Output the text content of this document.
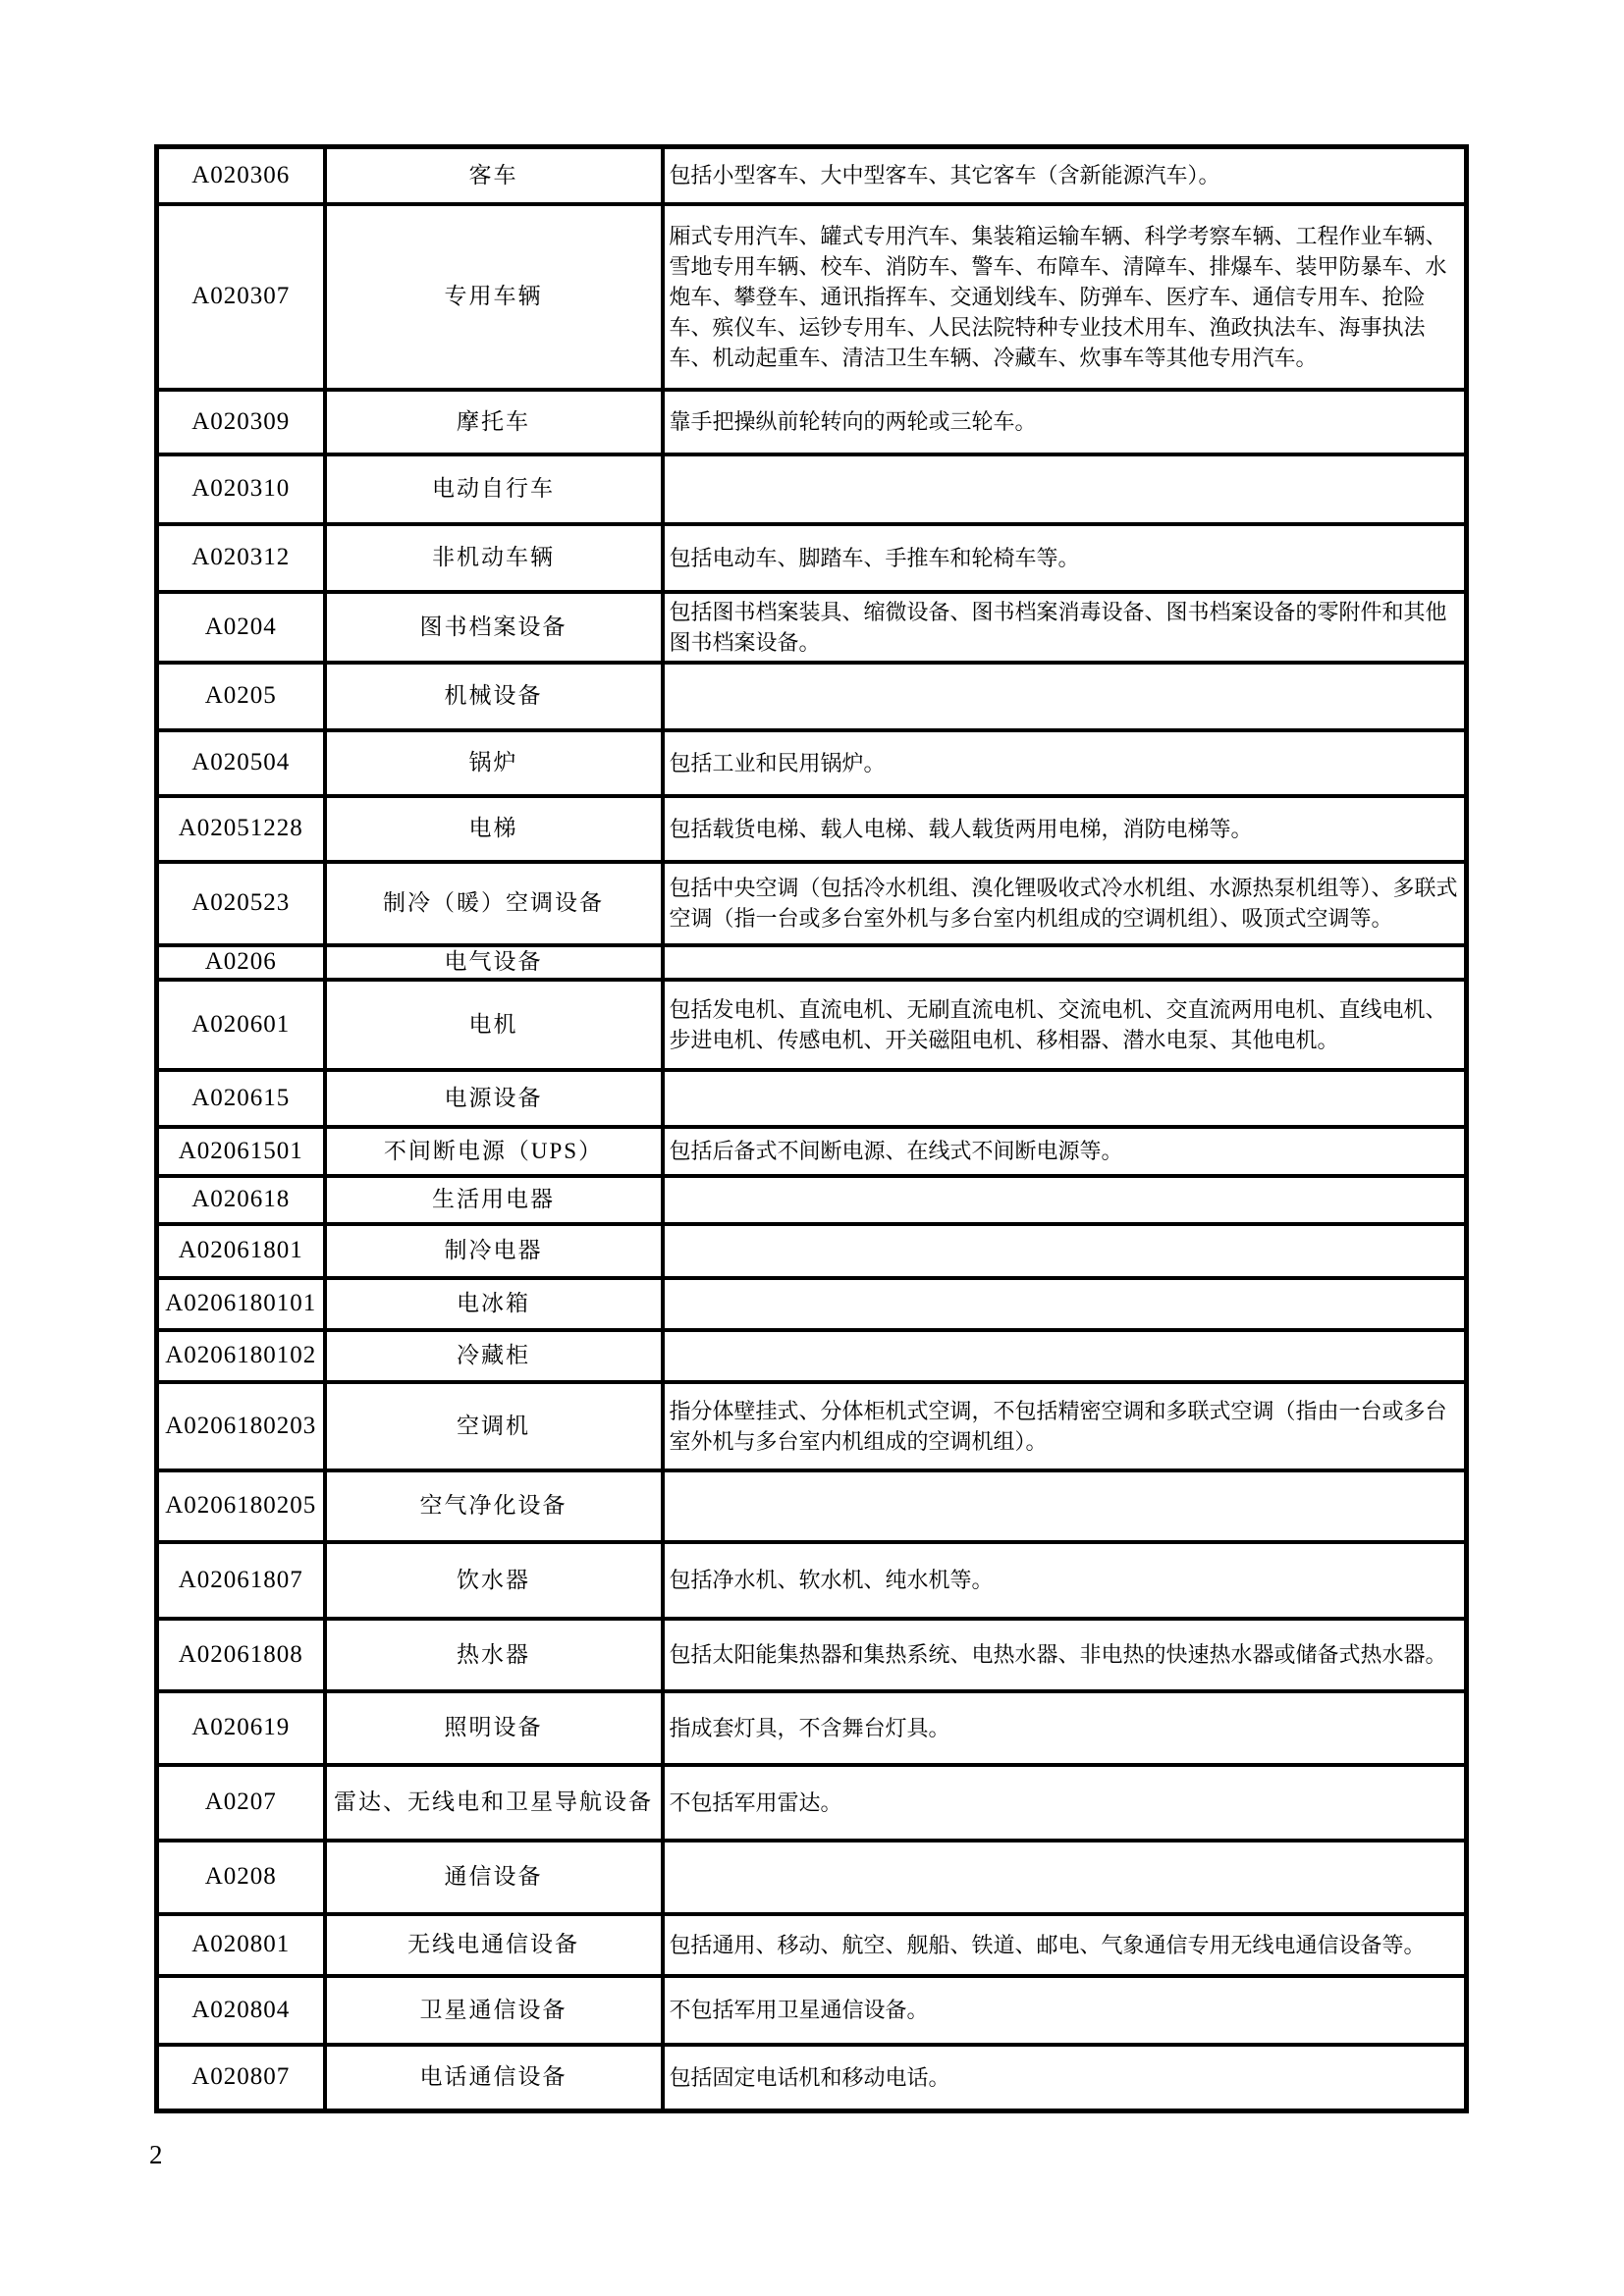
A020306	客车	包括小型客车、大中型客车、其它客车（含新能源汽车）。
A020307	专用车辆	厢式专用汽车、罐式专用汽车、集装箱运输车辆、科学考察车辆、工程作业车辆、雪地专用车辆、校车、消防车、警车、布障车、清障车、排爆车、装甲防暴车、水炮车、攀登车、通讯指挥车、交通划线车、防弹车、医疗车、通信专用车、抢险车、殡仪车、运钞专用车、人民法院特种专业技术用车、渔政执法车、海事执法车、机动起重车、清洁卫生车辆、冷藏车、炊事车等其他专用汽车。
A020309	摩托车	靠手把操纵前轮转向的两轮或三轮车。
A020310	电动自行车	
A020312	非机动车辆	包括电动车、脚踏车、手推车和轮椅车等。
A0204	图书档案设备	包括图书档案装具、缩微设备、图书档案消毒设备、图书档案设备的零附件和其他图书档案设备。
A0205	机械设备	
A020504	锅炉	包括工业和民用锅炉。
A02051228	电梯	包括载货电梯、载人电梯、载人载货两用电梯，消防电梯等。
A020523	制冷（暖）空调设备	包括中央空调（包括冷水机组、溴化锂吸收式冷水机组、水源热泵机组等）、多联式空调（指一台或多台室外机与多台室内机组成的空调机组）、吸顶式空调等。
A0206	电气设备	
A020601	电机	包括发电机、直流电机、无刷直流电机、交流电机、交直流两用电机、直线电机、步进电机、传感电机、开关磁阻电机、移相器、潜水电泵、其他电机。
A020615	电源设备	
A02061501	不间断电源（UPS）	包括后备式不间断电源、在线式不间断电源等。
A020618	生活用电器	
A02061801	制冷电器	
A0206180101	电冰箱	
A0206180102	冷藏柜	
A0206180203	空调机	指分体壁挂式、分体柜机式空调，不包括精密空调和多联式空调（指由一台或多台室外机与多台室内机组成的空调机组）。
A0206180205	空气净化设备	
A02061807	饮水器	包括净水机、软水机、纯水机等。
A02061808	热水器	包括太阳能集热器和集热系统、电热水器、非电热的快速热水器或储备式热水器。
A020619	照明设备	指成套灯具，不含舞台灯具。
A0207	雷达、无线电和卫星导航设备	不包括军用雷达。
A0208	通信设备	
A020801	无线电通信设备	包括通用、移动、航空、舰船、铁道、邮电、气象通信专用无线电通信设备等。
A020804	卫星通信设备	不包括军用卫星通信设备。
A020807	电话通信设备	包括固定电话机和移动电话。
2
